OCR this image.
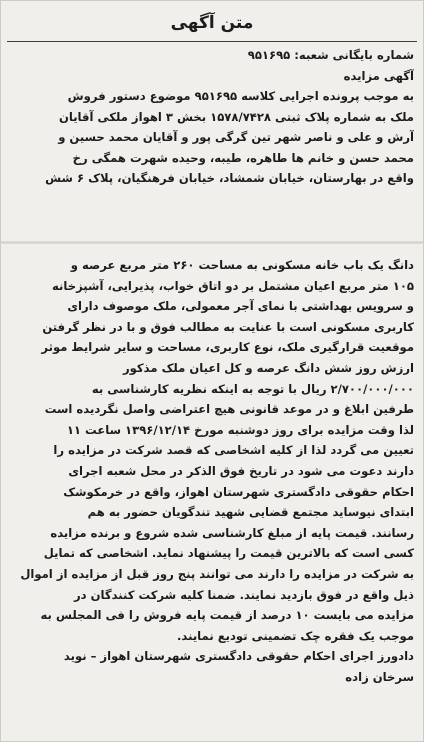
متن آگهی
شماره بایگانی شعبه: ۹۵۱۶۹۵
آگهی مزایده
به موجب پرونده اجرایی کلاسه ۹۵۱۶۹۵ موضوع دستور فروش
ملک به شماره پلاک ثبتی ۱۵۷۸/۷۴۲۸ بخش ۳ اهواز ملکی آقایان
آرش و علی و ناصر شهر تین گرگی پور و آقایان محمد حسین و
محمد حسن و خانم ها طاهره، طیبه، وحیده شهرت همگی رخ
واقع در بهارستان، خیابان شمشاد، خیابان فرهنگیان، پلاک ۶ شش
دانگ یک باب خانه مسکونی به مساحت ۲۶۰ متر مربع عرصه و
۱۰۵ متر مربع اعیان مشتمل بر دو اتاق خواب، پذیرایی، آشپزخانه
و سرویس بهداشتی با نمای آجر معمولی، ملک موصوف دارای
کاربری مسکونی است با عنایت به مطالب فوق و با در نظر گرفتن
موقعیت قرارگیری ملک، نوع کاربری، مساحت و سایر شرایط موثر
ارزش روز شش دانگ عرصه و کل اعیان ملک مذکور
۲/۷۰۰/۰۰۰/۰۰۰ ریال با توجه به اینکه نظریه کارشناسی به
طرفین ابلاغ و در موعد قانونی هیچ اعتراضی واصل نگردیده است
لذا وقت مزایده برای روز دوشنبه مورخ ۱۳۹۶/۱۲/۱۴ ساعت ۱۱
تعیین می گردد لذا از کلیه اشخاصی که قصد شرکت در مزایده را
دارند دعوت می شود در تاریخ فوق الذکر در محل شعبه اجرای
احکام حقوقی دادگستری شهرستان اهواز، واقع در خرمکوشک
ابتدای نیوساید مجتمع قضایی شهید تندگویان حضور به هم
رسانند. قیمت پایه از مبلغ کارشناسی شده شروع و برنده مزایده
کسی است که بالاترین قیمت را پیشنهاد نماید. اشخاصی که تمایل
به شرکت در مزایده را دارند می توانند پنج روز قبل از مزایده از اموال
ذیل واقع در فوق بازدید نمایند. ضمنا کلیه شرکت کنندگان در
مزایده می بایست ۱۰ درصد از قیمت پایه فروش را فی المجلس به
موجب یک فقره چک تضمینی تودیع نمایند.
دادورز اجرای احکام حقوقی دادگستری شهرستان اهواز – نوید
سرخان زاده
